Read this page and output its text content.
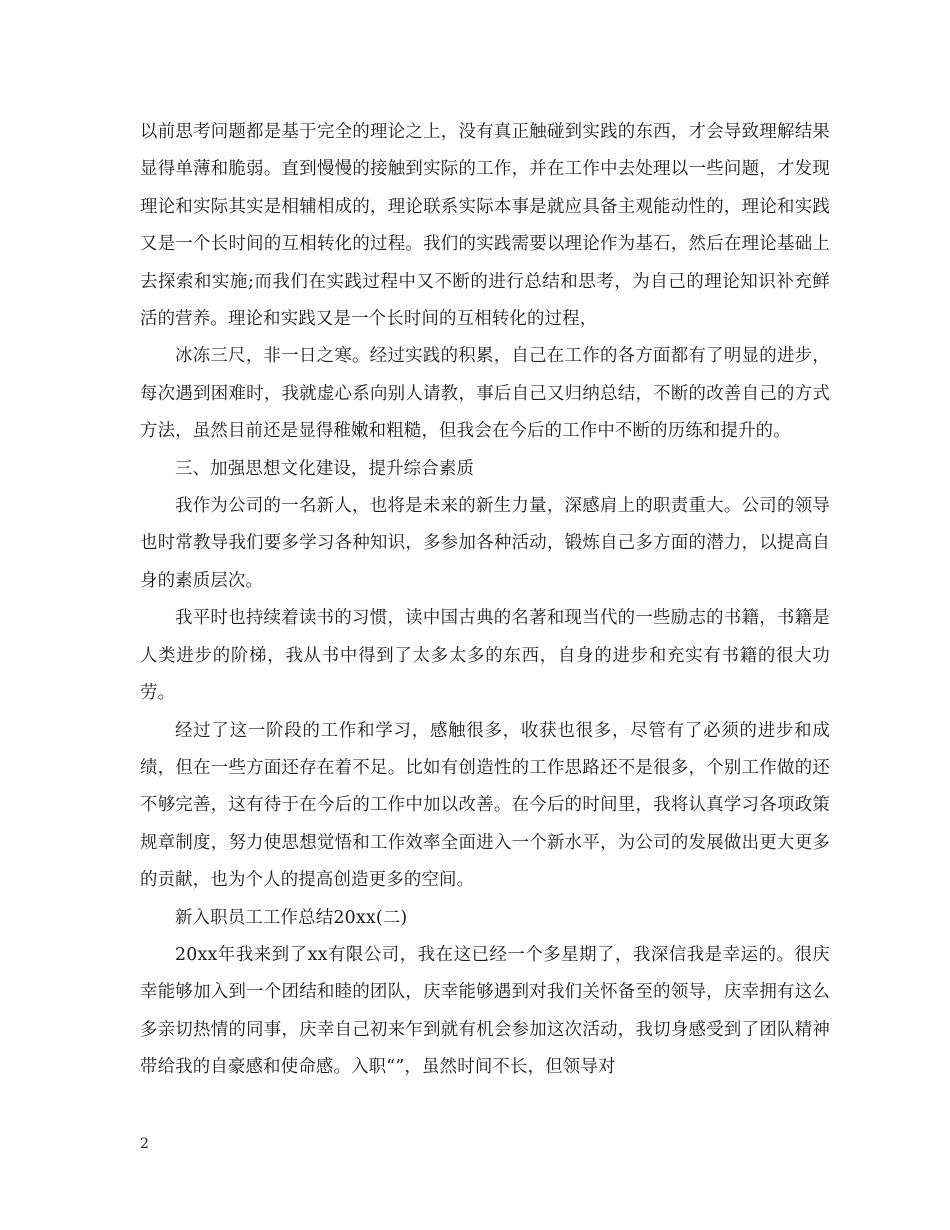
以前思考问题都是基于完全的理论之上，没有真正触碰到实践的东西，才会导致理解结果显得单薄和脆弱。直到慢慢的接触到实际的工作，并在工作中去处理以一些问题，才发现理论和实际其实是相辅相成的，理论联系实际本事是就应具备主观能动性的，理论和实践又是一个长时间的互相转化的过程。我们的实践需要以理论作为基石，然后在理论基础上去探索和实施;而我们在实践过程中又不断的进行总结和思考，为自己的理论知识补充鲜活的营养。理论和实践又是一个长时间的互相转化的过程，

冰冻三尺，非一日之寒。经过实践的积累，自己在工作的各方面都有了明显的进步，每次遇到困难时，我就虚心系向别人请教，事后自己又归纳总结，不断的改善自己的方式方法，虽然目前还是显得稚嫩和粗糙，但我会在今后的工作中不断的历练和提升的。

三、加强思想文化建设，提升综合素质

我作为公司的一名新人，也将是未来的新生力量，深感肩上的职责重大。公司的领导也时常教导我们要多学习各种知识，多参加各种活动，锻炼自己多方面的潜力，以提高自身的素质层次。

我平时也持续着读书的习惯，读中国古典的名著和现当代的一些励志的书籍，书籍是人类进步的阶梯，我从书中得到了太多太多的东西，自身的进步和充实有书籍的很大功劳。

经过了这一阶段的工作和学习，感触很多，收获也很多，尽管有了必须的进步和成绩，但在一些方面还存在着不足。比如有创造性的工作思路还不是很多，个别工作做的还不够完善，这有待于在今后的工作中加以改善。在今后的时间里，我将认真学习各项政策规章制度，努力使思想觉悟和工作效率全面进入一个新水平，为公司的发展做出更大更多的贡献，也为个人的提高创造更多的空间。

新入职员工工作总结20xx(二)

20xx年我来到了xx有限公司，我在这已经一个多星期了，我深信我是幸运的。很庆幸能够加入到一个团结和睦的团队，庆幸能够遇到对我们关怀备至的领导，庆幸拥有这么多亲切热情的同事，庆幸自己初来乍到就有机会参加这次活动，我切身感受到了团队精神带给我的自豪感和使命感。入职“”，虽然时间不长，但领导对

2
